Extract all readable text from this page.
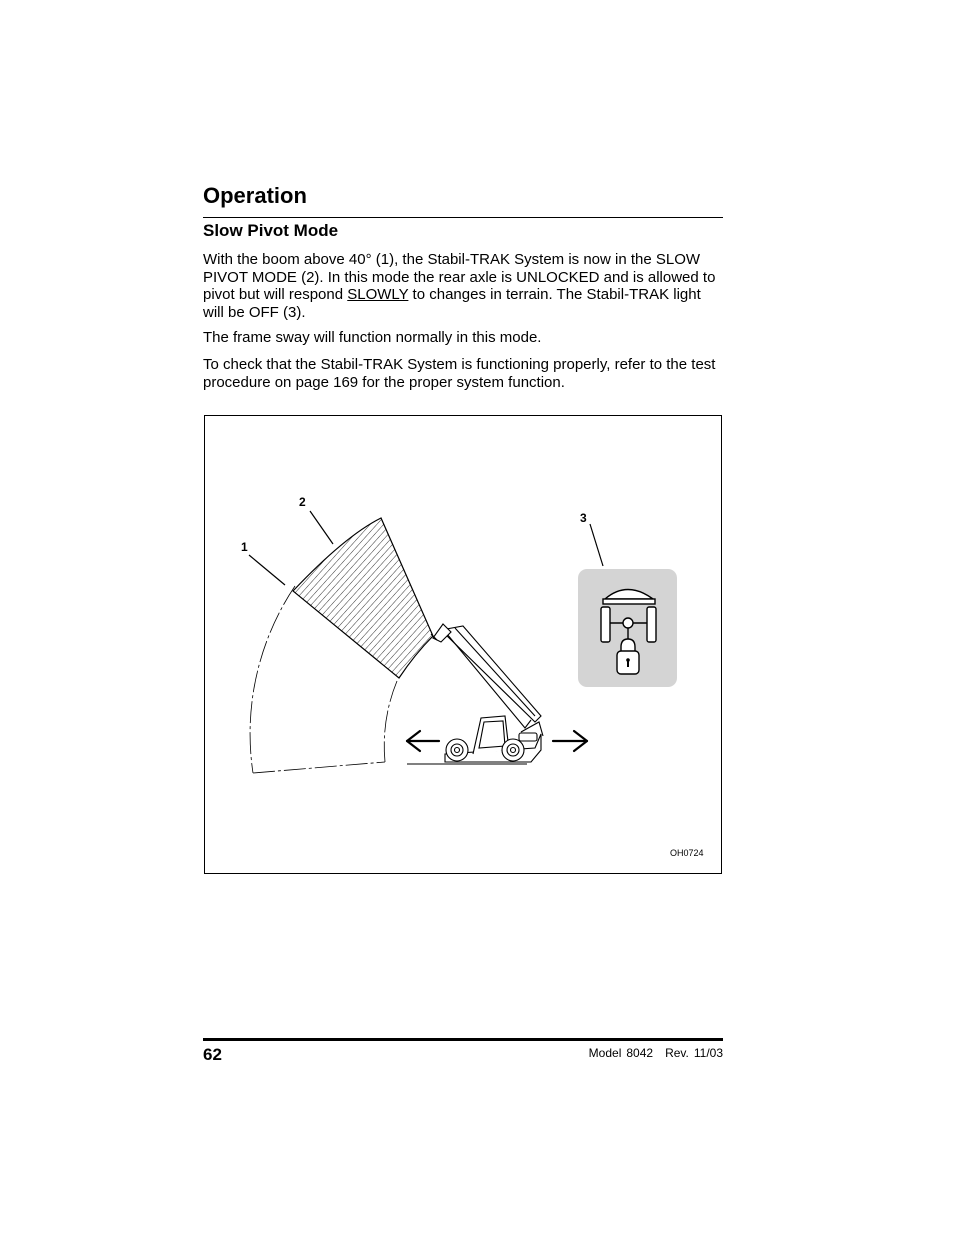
Operation
Slow Pivot Mode

With the boom above 40° (1), the Stabil-TRAK System is now in the SLOW PIVOT MODE (2). In this mode the rear axle is UNLOCKED and is allowed to pivot but will respond SLOWLY to changes in terrain. The Stabil-TRAK light will be OFF (3).

The frame sway will function normally in this mode.

To check that the Stabil-TRAK System is functioning properly, refer to the test procedure on page 169 for the proper system function.

1
2
3
OH0724
62	Model 8042 Rev. 11/03
